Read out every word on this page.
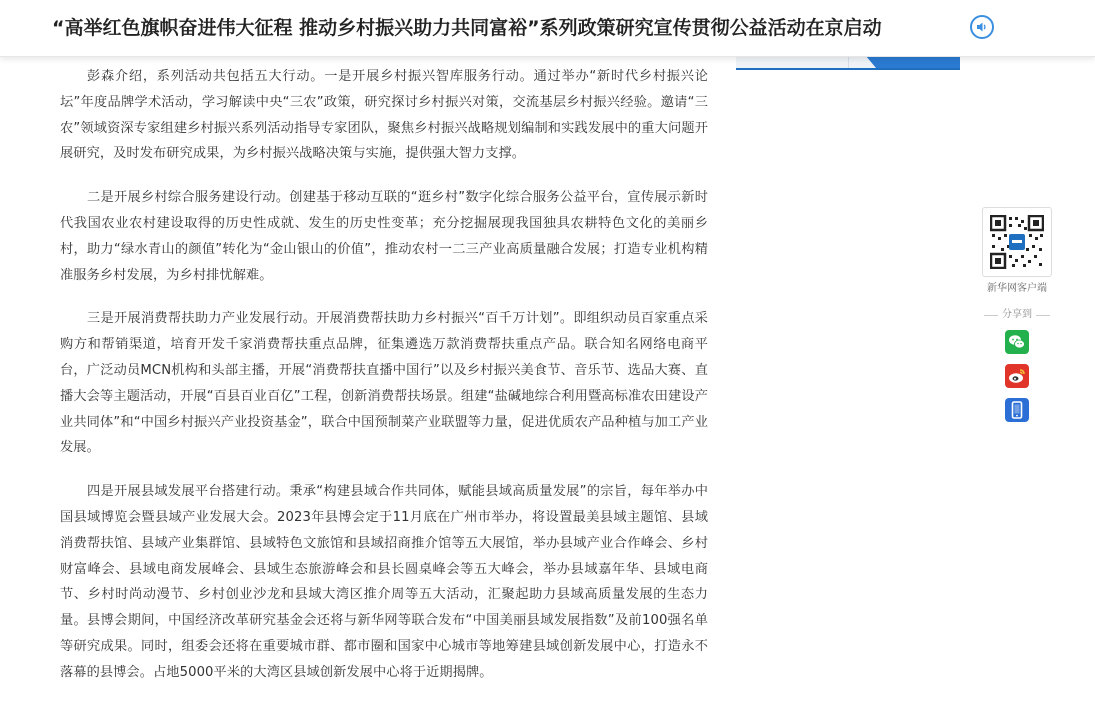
“高举红色旗帜奋进伟大征程 推动乡村振兴助力共同富裕”系列政策研究宣传贯彻公益活动在京启动

彭森介绍，系列活动共包括五大行动。一是开展乡村振兴智库服务行动。通过举办“新时代乡村振兴论坛”年度品牌学术活动，学习解读中央“三农”政策，研究探讨乡村振兴对策，交流基层乡村振兴经验。邀请“三农”领域资深专家组建乡村振兴系列活动指导专家团队，聚焦乡村振兴战略规划编制和实践发展中的重大问题开展研究，及时发布研究成果，为乡村振兴战略决策与实施，提供强大智力支撑。

二是开展乡村综合服务建设行动。创建基于移动互联的“逛乡村”数字化综合服务公益平台，宣传展示新时代我国农业农村建设取得的历史性成就、发生的历史性变革；充分挖掘展现我国独具农耕特色文化的美丽乡村，助力“绿水青山的颜值”转化为“金山银山的价值”，推动农村一二三产业高质量融合发展；打造专业机构精准服务乡村发展，为乡村排忧解难。

三是开展消费帮扶助力产业发展行动。开展消费帮扶助力乡村振兴“百千万计划”。即组织动员百家重点采购方和帮销渠道，培育开发千家消费帮扶重点品牌，征集遴选万款消费帮扶重点产品。联合知名网络电商平台，广泛动员MCN机构和头部主播，开展“消费帮扶直播中国行”以及乡村振兴美食节、音乐节、选品大赛、直播大会等主题活动，开展“百县百业百亿”工程，创新消费帮扶场景。组建“盐碱地综合利用暨高标准农田建设产业共同体”和“中国乡村振兴产业投资基金”，联合中国预制菜产业联盟等力量，促进优质农产品种植与加工产业发展。

四是开展县域发展平台搭建行动。秉承“构建县域合作共同体，赋能县域高质量发展”的宗旨，每年举办中国县域博览会暨县域产业发展大会。2023年县博会定于11月底在广州市举办，将设置最美县域主题馆、县域消费帮扶馆、县域产业集群馆、县域特色文旅馆和县域招商推介馆等五大展馆，举办县域产业合作峰会、乡村财富峰会、县域电商发展峰会、县域生态旅游峰会和县长圆桌峰会等五大峰会，举办县域嘉年华、县域电商节、乡村时尚动漫节、乡村创业沙龙和县域大湾区推介周等五大活动，汇聚起助力县域高质量发展的生态力量。县博会期间，中国经济改革研究基金会还将与新华网等联合发布“中国美丽县域发展指数”及前100强名单等研究成果。同时，组委会还将在重要城市群、都市圈和国家中心城市等地筹建县域创新发展中心，打造永不落幕的县博会。占地5000平米的大湾区县域创新发展中心将于近期揭牌。

新华网客户端
分享到
